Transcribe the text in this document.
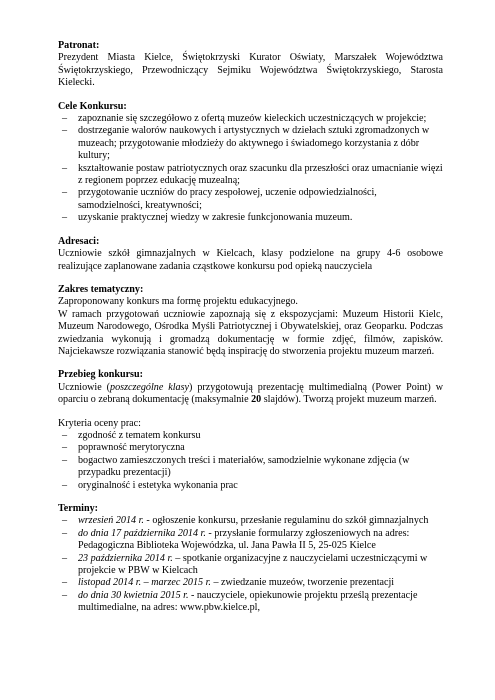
Patronat:

Prezydent Miasta Kielce, Świętokrzyski Kurator Oświaty, Marszałek Województwa Świętokrzyskiego, Przewodniczący Sejmiku Województwa Świętokrzyskiego, Starosta Kielecki.

Cele Konkursu:

– zapoznanie się szczegółowo z ofertą muzeów kieleckich uczestniczących w projekcie;
– dostrzeganie walorów naukowych i artystycznych w dziełach sztuki zgromadzonych w muzeach; przygotowanie młodzieży do aktywnego i świadomego korzystania z dóbr kultury;
– kształtowanie postaw patriotycznych oraz szacunku dla przeszłości oraz umacnianie więzi z regionem poprzez edukację muzealną;
– przygotowanie uczniów do pracy zespołowej, uczenie odpowiedzialności, samodzielności, kreatywności;
– uzyskanie praktycznej wiedzy w zakresie funkcjonowania muzeum.

Adresaci:

Uczniowie szkół gimnazjalnych w Kielcach, klasy podzielone na grupy 4-6 osobowe realizujące zaplanowane zadania cząstkowe konkursu pod opieką nauczyciela

Zakres tematyczny:

Zaproponowany konkurs ma formę projektu edukacyjnego.

W ramach przygotowań uczniowie zapoznają się z ekspozycjami: Muzeum Historii Kielc, Muzeum Narodowego, Ośrodka Myśli Patriotycznej i Obywatelskiej, oraz Geoparku. Podczas zwiedzania wykonują i gromadzą dokumentację w formie zdjęć, filmów, zapisków. Najciekawsze rozwiązania stanowić będą inspirację do stworzenia projektu muzeum marzeń.

Przebieg konkursu:

Uczniowie (poszczególne klasy) przygotowują prezentację multimedialną (Power Point) w oparciu o zebraną dokumentację (maksymalnie 20 slajdów). Tworzą projekt muzeum marzeń.

Kryteria oceny prac:

– zgodność z tematem konkursu
– poprawność merytoryczna
– bogactwo zamieszczonych treści i materiałów, samodzielnie wykonane zdjęcia (w przypadku prezentacji)
– oryginalność i estetyka wykonania prac

Terminy:

– wrzesień 2014 r. - ogłoszenie konkursu, przesłanie regulaminu do szkół gimnazjalnych
– do dnia 17 października 2014 r. - przysłanie formularzy zgłoszeniowych na adres: Pedagogiczna Biblioteka Wojewódzka, ul. Jana Pawła II 5, 25-025 Kielce
– 23 października 2014 r. – spotkanie organizacyjne z nauczycielami uczestniczącymi w projekcie w PBW w Kielcach
– listopad 2014 r. – marzec 2015 r. – zwiedzanie muzeów, tworzenie prezentacji
– do dnia 30 kwietnia 2015 r. - nauczyciele, opiekunowie projektu prześlą prezentacje multimedialne, na adres: www.pbw.kielce.pl,
